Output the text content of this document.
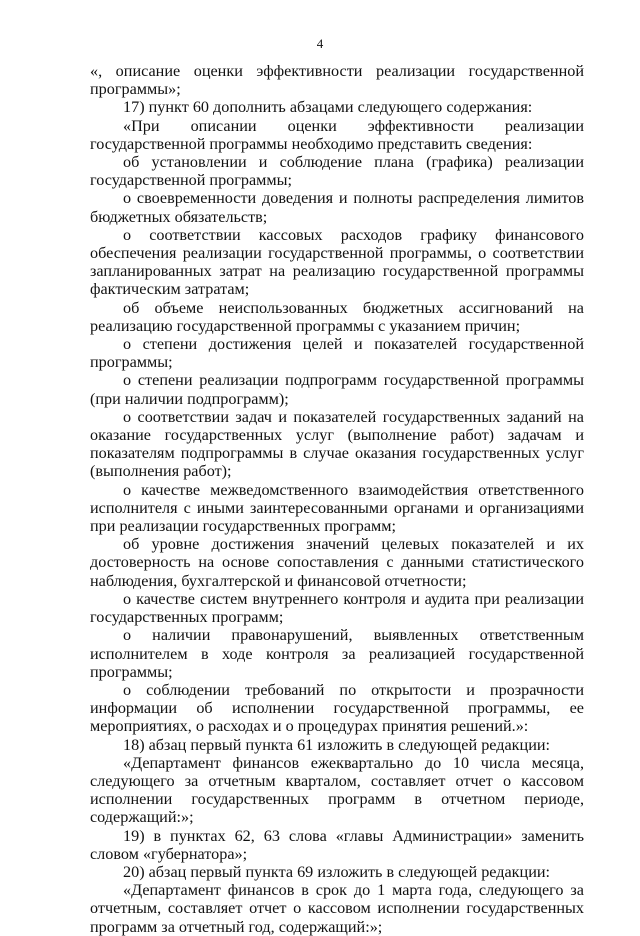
4

«, описание оценки эффективности реализации государственной программы»;

17) пункт 60 дополнить абзацами следующего содержания:

«При описании оценки эффективности реализации государственной программы необходимо представить сведения:

об установлении и соблюдение плана (графика) реализации государственной программы;

о своевременности доведения и полноты распределения лимитов бюджетных обязательств;

о соответствии кассовых расходов графику финансового обеспечения реализации государственной программы, о соответствии запланированных затрат на реализацию государственной программы фактическим затратам;

об объеме неиспользованных бюджетных ассигнований на реализацию государственной программы с указанием причин;

о степени достижения целей и показателей государственной программы;

о степени реализации подпрограмм государственной программы (при наличии подпрограмм);

о соответствии задач и показателей государственных заданий на оказание государственных услуг (выполнение работ) задачам и показателям подпрограммы в случае оказания государственных услуг (выполнения работ);

о качестве межведомственного взаимодействия ответственного исполнителя с иными заинтересованными органами и организациями при реализации государственных программ;

об уровне достижения значений целевых показателей и их достоверность на основе сопоставления с данными статистического наблюдения, бухгалтерской и финансовой отчетности;

о качестве систем внутреннего контроля и аудита при реализации государственных программ;

о наличии правонарушений, выявленных ответственным исполнителем в ходе контроля за реализацией государственной программы;

о соблюдении требований по открытости и прозрачности информации об исполнении государственной программы, ее мероприятиях, о расходах и о процедурах принятия решений.»:

18) абзац первый пункта 61 изложить в следующей редакции:

«Департамент финансов ежеквартально до 10 числа месяца, следующего за отчетным кварталом, составляет отчет о кассовом исполнении государственных программ в отчетном периоде, содержащий:»;

19) в пунктах 62, 63 слова «главы Администрации» заменить словом «губернатора»;

20) абзац первый пункта 69 изложить в следующей редакции:

«Департамент финансов в срок до 1 марта года, следующего за отчетным, составляет отчет о кассовом исполнении государственных программ за отчетный год, содержащий:»;
